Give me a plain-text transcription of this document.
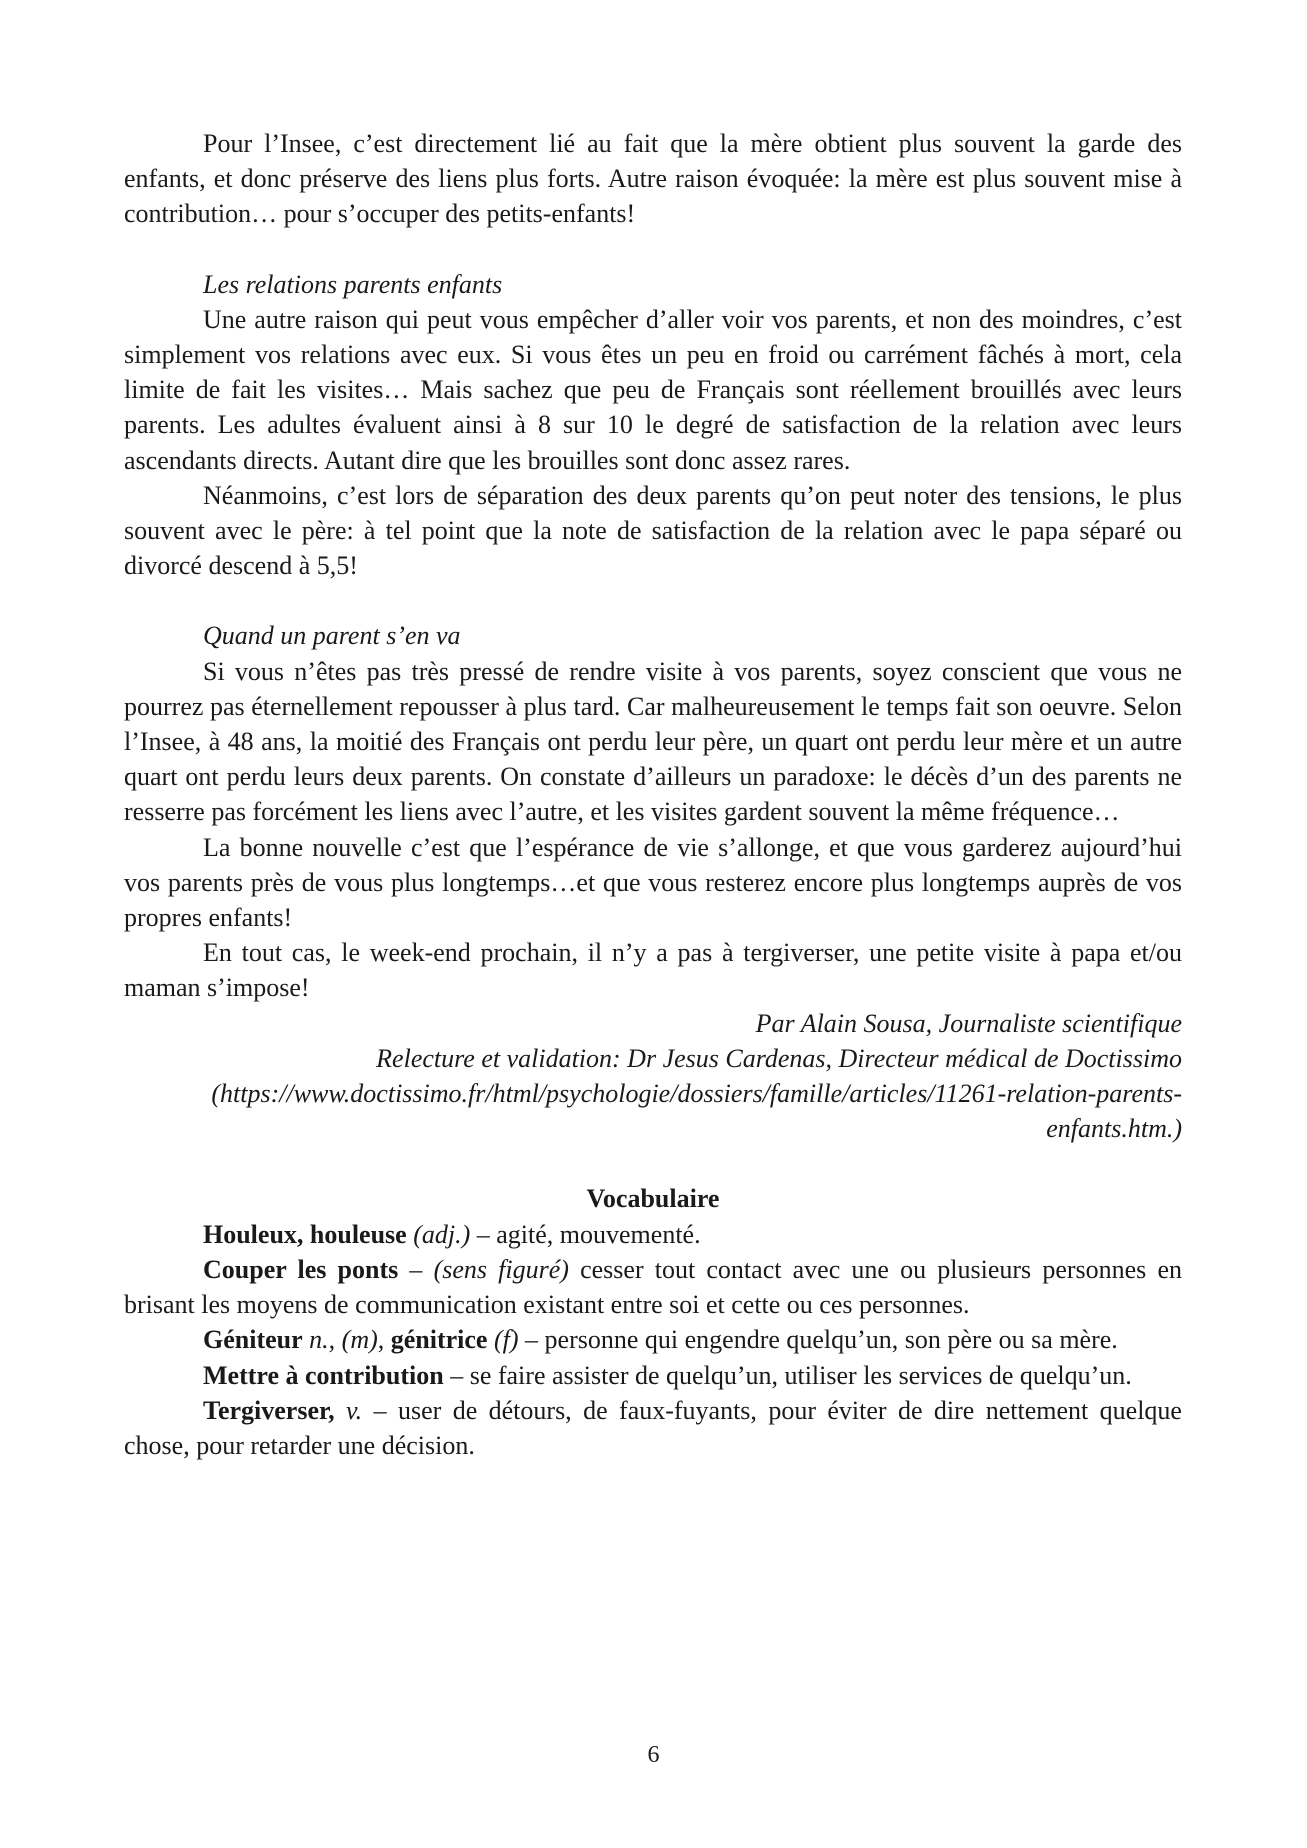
Pour l’Insee, c’est directement lié au fait que la mère obtient plus souvent la garde des enfants, et donc préserve des liens plus forts. Autre raison évoquée: la mère est plus souvent mise à contribution… pour s’occuper des petits-enfants!

Les relations parents enfants

Une autre raison qui peut vous empêcher d’aller voir vos parents, et non des moindres, c’est simplement vos relations avec eux. Si vous êtes un peu en froid ou carrément fâchés à mort, cela limite de fait les visites… Mais sachez que peu de Français sont réellement brouillés avec leurs parents. Les adultes évaluent ainsi à 8 sur 10 le degré de satisfaction de la relation avec leurs ascendants directs. Autant dire que les brouilles sont donc assez rares.

Néanmoins, c’est lors de séparation des deux parents qu’on peut noter des tensions, le plus souvent avec le père: à tel point que la note de satisfaction de la relation avec le papa séparé ou divorcé descend à 5,5!

Quand un parent s’en va

Si vous n’êtes pas très pressé de rendre visite à vos parents, soyez conscient que vous ne pourrez pas éternellement repousser à plus tard. Car malheureusement le temps fait son oeuvre. Selon l’Insee, à 48 ans, la moitié des Français ont perdu leur père, un quart ont perdu leur mère et un autre quart ont perdu leurs deux parents. On constate d’ailleurs un paradoxe: le décès d’un des parents ne resserre pas forcément les liens avec l’autre, et les visites gardent souvent la même fréquence…

La bonne nouvelle c’est que l’espérance de vie s’allonge, et que vous garderez aujourd’hui vos parents près de vous plus longtemps…et que vous resterez encore plus longtemps auprès de vos propres enfants!

En tout cas, le week-end prochain, il n’y a pas à tergiverser, une petite visite à papa et/ou maman s’impose!

Par Alain Sousa, Journaliste scientifique
Relecture et validation: Dr Jesus Cardenas, Directeur médical de Doctissimo
(https://www.doctissimo.fr/html/psychologie/dossiers/famille/articles/11261-relation-parents-enfants.htm.)
Vocabulaire

Houleux, houleuse (adj.) – agité, mouvementé.

Couper les ponts – (sens figuré) cesser tout contact avec une ou plusieurs personnes en brisant les moyens de communication existant entre soi et cette ou ces personnes.

Géniteur n., (m), génitrice (f) – personne qui engendre quelqu’un, son père ou sa mère.

Mettre à contribution – se faire assister de quelqu’un, utiliser les services de quelqu’un.

Tergiverser, v. – user de détours, de faux-fuyants, pour éviter de dire nettement quelque chose, pour retarder une décision.

6
